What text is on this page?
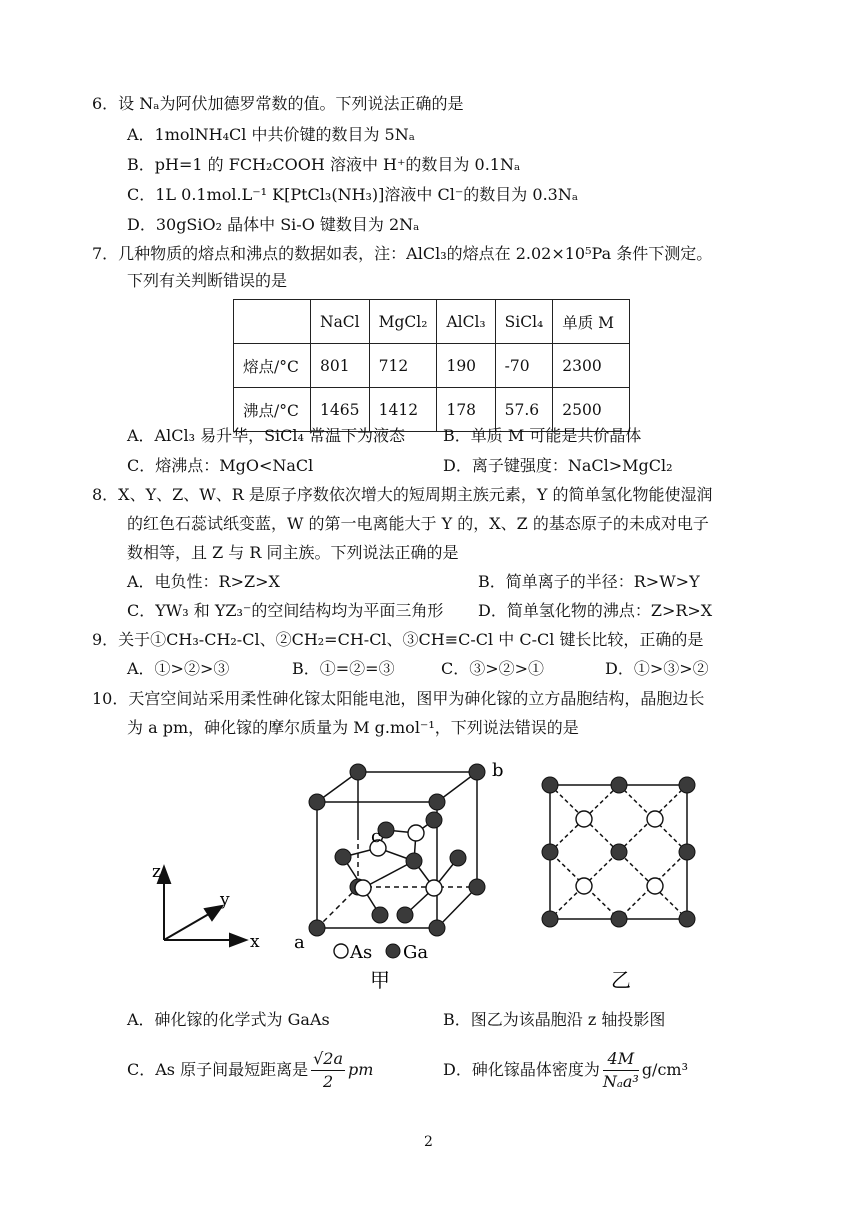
6．设 Nₐ为阿伏加德罗常数的值。下列说法正确的是
A．1molNH₄Cl 中共价键的数目为 5Nₐ
B．pH=1 的 FCH₂COOH 溶液中 H⁺的数目为 0.1Nₐ
C．1L 0.1mol.L⁻¹ K[PtCl₃(NH₃)]溶液中 Cl⁻的数目为 0.3Nₐ
D．30gSiO₂ 晶体中 Si-O 键数目为 2Nₐ
7．几种物质的熔点和沸点的数据如表，注：AlCl₃的熔点在 2.02×10⁵Pa 条件下测定。
下列有关判断错误的是
	NaCl	MgCl₂	AlCl₃	SiCl₄	单质 M
熔点/°C	801	712	190	-70	2300
沸点/°C	1465	1412	178	57.6	2500
A．AlCl₃ 易升华，SiCl₄ 常温下为液态 B．单质 M 可能是共价晶体
C．熔沸点：MgO<NaCl	D．离子键强度：NaCl>MgCl₂
8．X、Y、Z、W、R 是原子序数依次增大的短周期主族元素，Y 的简单氢化物能使湿润
的红色石蕊试纸变蓝，W 的第一电离能大于 Y 的，X、Z 的基态原子的未成对电子
数相等，且 Z 与 R 同主族。下列说法正确的是
A．电负性：R>Z>X	B．简单离子的半径：R>W>Y
C．YW₃ 和 YZ₃⁻的空间结构均为平面三角形 D．简单氢化物的沸点：Z>R>X
9．关于①CH₃-CH₂-Cl、②CH₂=CH-Cl、③CH≡C-Cl 中 C-Cl 键长比较，正确的是
A．①>②>③	B．①=②=③	C．③>②>①	D．①>③>②
10．天宫空间站采用柔性砷化镓太阳能电池，图甲为砷化镓的立方晶胞结构，晶胞边长
为 a pm，砷化镓的摩尔质量为 M g.mol⁻¹，下列说法错误的是
z
y
x a
b
c
As Ga
甲	乙
A．砷化镓的化学式为 GaAs	B．图乙为该晶胞沿 z 轴投影图
C．As 原子间最短距离是 $\frac{√2a}{2}$ pm	D．砷化镓晶体密度为 $\frac{4M}{\text{Nₐa³}} g/cm^3$
2
